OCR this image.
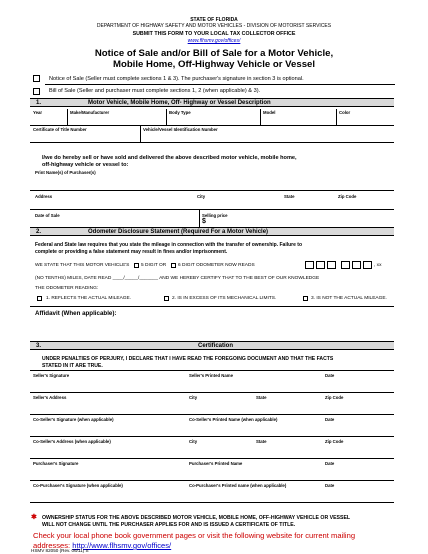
STATE OF FLORIDA
DEPARTMENT OF HIGHWAY SAFETY AND MOTOR VEHICLES - DIVISION OF MOTORIST SERVICES
SUBMIT THIS FORM TO YOUR LOCAL TAX COLLECTOR OFFICE
www.flhsmv.gov/offices/
Notice of Sale and/or Bill of Sale for a Motor Vehicle,
Mobile Home, Off-Highway Vehicle or Vessel
Notice of Sale (Seller must complete sections 1 & 3). The purchaser's signature in section 3 is optional.
Bill of Sale (Seller and purchaser must complete sections 1, 2 (when applicable) & 3).
1.	Motor Vehicle, Mobile Home, Off- Highway or Vessel Description
Year	Make/Manufacturer	Body Type	Model	Color
Certificate of Title Number	Vehicle/Vessel Identification Number
I/we do hereby sell or have sold and delivered the above described motor vehicle, mobile home,
off-highway vehicle or vessel to:
Print Name(s) of Purchaser(s)
Address	City	State	Zip Code
Date of Sale	Selling price
$
2.	Odometer Disclosure Statement (Required For a Motor Vehicle)
Federal and State law requires that you state the mileage in connection with the transfer of ownership. Failure to
complete or providing a false statement may result in fines and/or imprisonment.
WE STATE THAT THIS MOTOR VEHICLE'S 5 DIGIT OR 6 DIGIT ODOMETER NOW READS	, xx
(NO TENTHS) MILES, DATE READ ____/_____/_______ AND WE HEREBY CERTIFY THAT TO THE BEST OF OUR KNOWLEDGE
THE ODOMETER READING:
1. REFLECTS THE ACTUAL MILEAGE.	2. IS IN EXCESS OF ITS MECHANICAL LIMITS.	3. IS NOT THE ACTUAL MILEAGE.
Affidavit (When applicable):
3.	Certification
UNDER PENALTIES OF PERJURY, I DECLARE THAT I HAVE READ THE FOREGOING DOCUMENT AND THAT THE FACTS
STATED IN IT ARE TRUE.
Seller's Signature	Seller's Printed Name	Date
Seller's Address	City	State	Zip Code
Co-Seller's Signature (when applicable)	Co-Seller's Printed Name (when applicable)	Date
Co-Seller's Address (when applicable)	City	State	Zip Code
Purchaser's Signature	Purchaser's Printed Name	Date
Co-Purchaser's Signature (when applicable)	Co-Purchaser's Printed name (when applicable)	Date
✱ OWNERSHIP STATUS FOR THE ABOVE DESCRIBED MOTOR VEHICLE, MOBILE HOME, OFF-HIGHWAY VEHICLE OR VESSEL
WILL NOT CHANGE UNTIL THE PURCHASER APPLIES FOR AND IS ISSUED A CERTIFICATE OF TITLE.
Check your local phone book government pages or visit the following website for current mailing
addresses: http://www.flhsmv.gov/offices/
HSMV 82050 (Rev. 06/11) S
